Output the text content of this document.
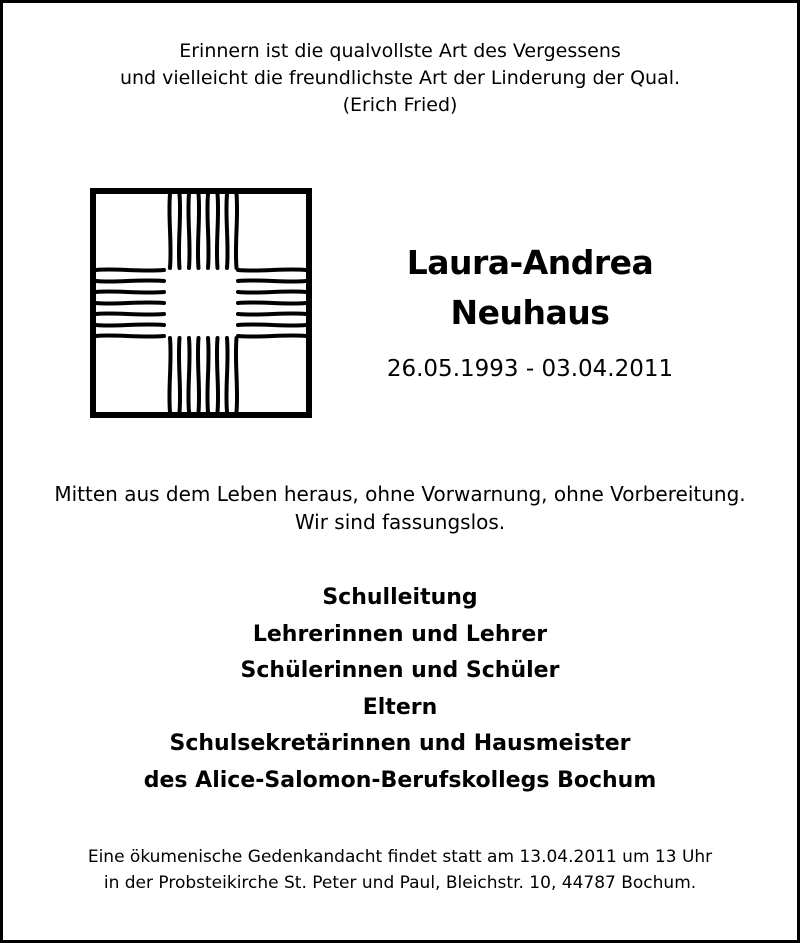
Erinnern ist die qualvollste Art des Vergessens
und vielleicht die freundlichste Art der Linderung der Qual.
(Erich Fried)
Laura-Andrea
Neuhaus
26.05.1993 - 03.04.2011
Mitten aus dem Leben heraus, ohne Vorwarnung, ohne Vorbereitung.
Wir sind fassungslos.
Schulleitung
Lehrerinnen und Lehrer
Schülerinnen und Schüler
Eltern
Schulsekretärinnen und Hausmeister
des Alice-Salomon-Berufskollegs Bochum
Eine ökumenische Gedenkandacht findet statt am 13.04.2011 um 13 Uhr
in der Probsteikirche St. Peter und Paul, Bleichstr. 10, 44787 Bochum.
